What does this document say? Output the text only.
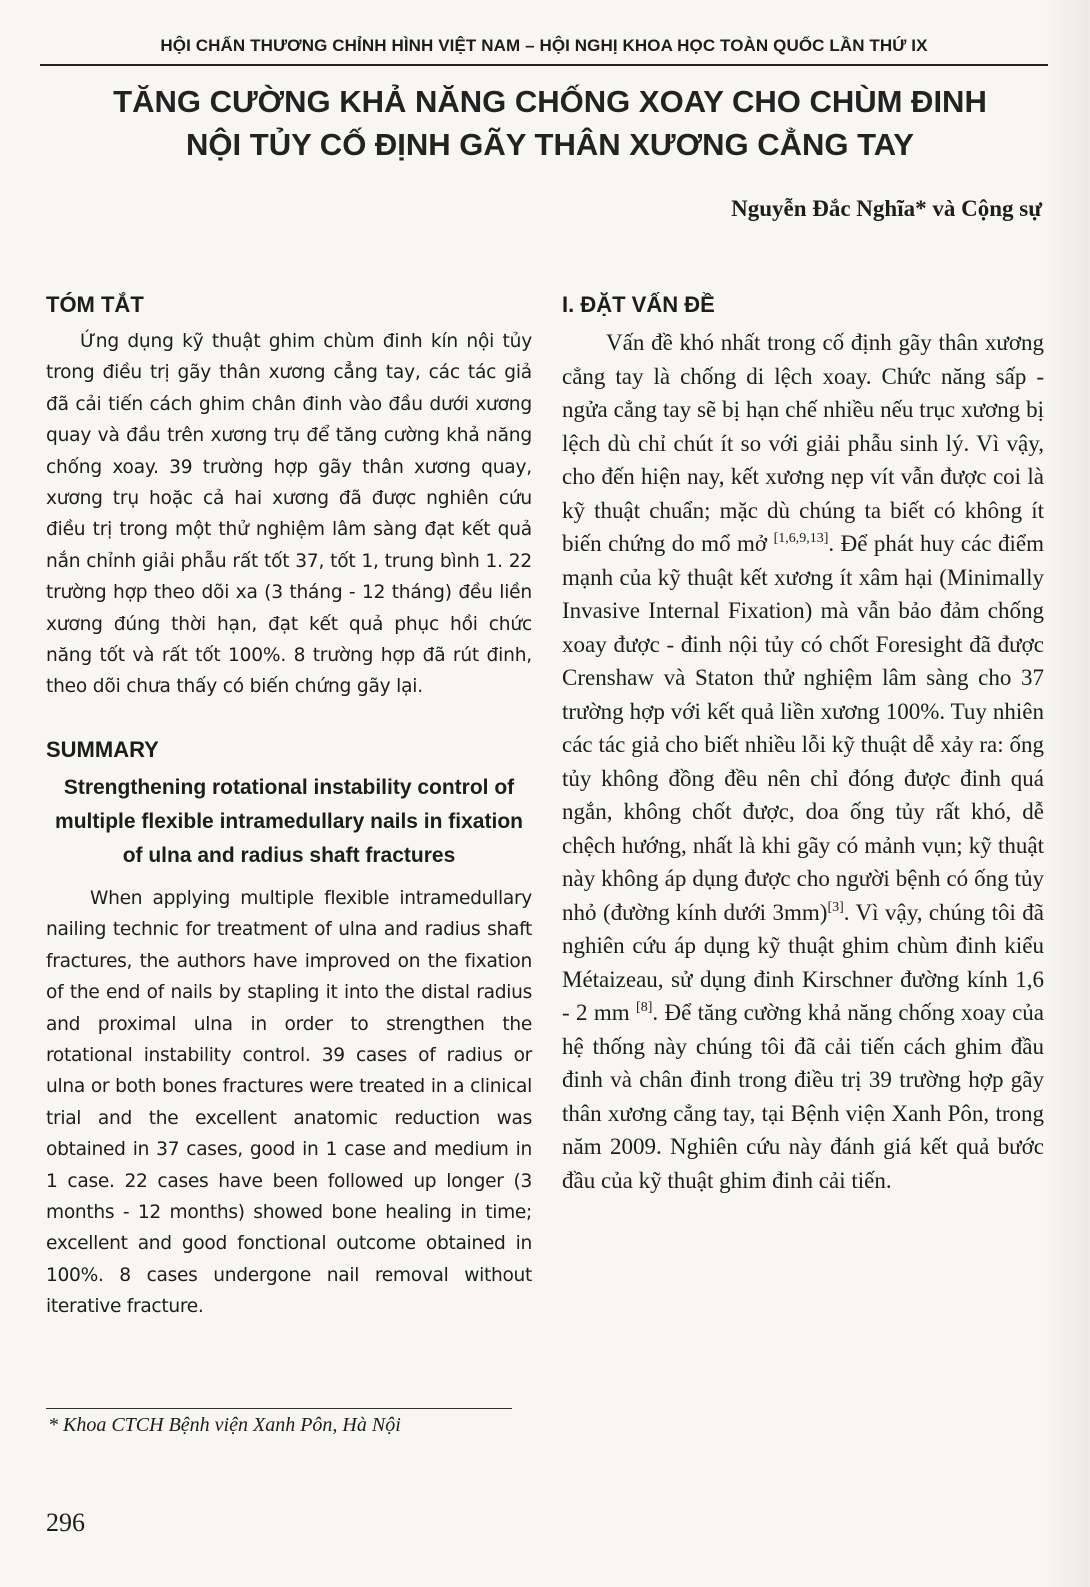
HỘI CHẤN THƯƠNG CHỈNH HÌNH VIỆT NAM – HỘI NGHỊ KHOA HỌC TOÀN QUỐC LẦN THỨ IX
TĂNG CƯỜNG KHẢ NĂNG CHỐNG XOAY CHO CHÙM ĐINH
NỘI TỦY CỐ ĐỊNH GÃY THÂN XƯƠNG CẲNG TAY
Nguyễn Đắc Nghĩa* và Cộng sự
TÓM TẮT

Ứng dụng kỹ thuật ghim chùm đinh kín nội tủy trong điều trị gãy thân xương cẳng tay, các tác giả đã cải tiến cách ghim chân đinh vào đầu dưới xương quay và đầu trên xương trụ để tăng cường khả năng chống xoay. 39 trường hợp gãy thân xương quay, xương trụ hoặc cả hai xương đã được nghiên cứu điều trị trong một thử nghiệm lâm sàng đạt kết quả nắn chỉnh giải phẫu rất tốt 37, tốt 1, trung bình 1. 22 trường hợp theo dõi xa (3 tháng - 12 tháng) đều liền xương đúng thời hạn, đạt kết quả phục hồi chức năng tốt và rất tốt 100%. 8 trường hợp đã rút đinh, theo dõi chưa thấy có biến chứng gãy lại.

SUMMARY
Strengthening rotational instability control of multiple flexible intramedullary nails in fixation of ulna and radius shaft fractures

When applying multiple flexible intramedullary nailing technic for treatment of ulna and radius shaft fractures, the authors have improved on the fixation of the end of nails by stapling it into the distal radius and proximal ulna in order to strengthen the rotational instability control. 39 cases of radius or ulna or both bones fractures were treated in a clinical trial and the excellent anatomic reduction was obtained in 37 cases, good in 1 case and medium in 1 case. 22 cases have been followed up longer (3 months - 12 months) showed bone healing in time; excellent and good fonctional outcome obtained in 100%. 8 cases undergone nail removal without iterative fracture.

I. ĐẶT VẤN ĐỀ

Vấn đề khó nhất trong cố định gãy thân xương cẳng tay là chống di lệch xoay. Chức năng sấp - ngửa cẳng tay sẽ bị hạn chế nhiều nếu trục xương bị lệch dù chỉ chút ít so với giải phẫu sinh lý. Vì vậy, cho đến hiện nay, kết xương nẹp vít vẫn được coi là kỹ thuật chuẩn; mặc dù chúng ta biết có không ít biến chứng do mổ mở [1,6,9,13]. Để phát huy các điểm mạnh của kỹ thuật kết xương ít xâm hại (Minimally Invasive Internal Fixation) mà vẫn bảo đảm chống xoay được - đinh nội tủy có chốt Foresight đã được Crenshaw và Staton thử nghiệm lâm sàng cho 37 trường hợp với kết quả liền xương 100%. Tuy nhiên các tác giả cho biết nhiều lỗi kỹ thuật dễ xảy ra: ống tủy không đồng đều nên chỉ đóng được đinh quá ngắn, không chốt được, doa ống tủy rất khó, dễ chệch hướng, nhất là khi gãy có mảnh vụn; kỹ thuật này không áp dụng được cho người bệnh có ống tủy nhỏ (đường kính dưới 3mm)[3]. Vì vậy, chúng tôi đã nghiên cứu áp dụng kỹ thuật ghim chùm đinh kiểu Métaizeau, sử dụng đinh Kirschner đường kính 1,6 - 2 mm [8]. Để tăng cường khả năng chống xoay của hệ thống này chúng tôi đã cải tiến cách ghim đầu đinh và chân đinh trong điều trị 39 trường hợp gãy thân xương cẳng tay, tại Bệnh viện Xanh Pôn, trong năm 2009. Nghiên cứu này đánh giá kết quả bước đầu của kỹ thuật ghim đinh cải tiến.

* Khoa CTCH Bệnh viện Xanh Pôn, Hà Nội
296
